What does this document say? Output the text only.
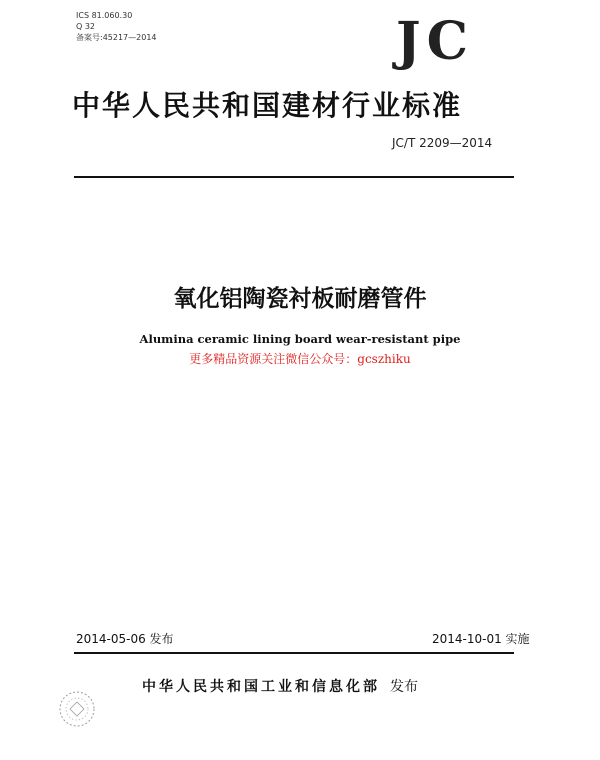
ICS 81.060.30
Q 32
备案号:45217—2014	JC
中华人民共和国建材行业标准
JC/T 2209—2014
氧化铝陶瓷衬板耐磨管件
Alumina ceramic lining board wear-resistant pipe
更多精品资源关注微信公众号：gcszhiku
2014-05-06 发布	2014-10-01 实施
中华人民共和国工业和信息化部 发布
